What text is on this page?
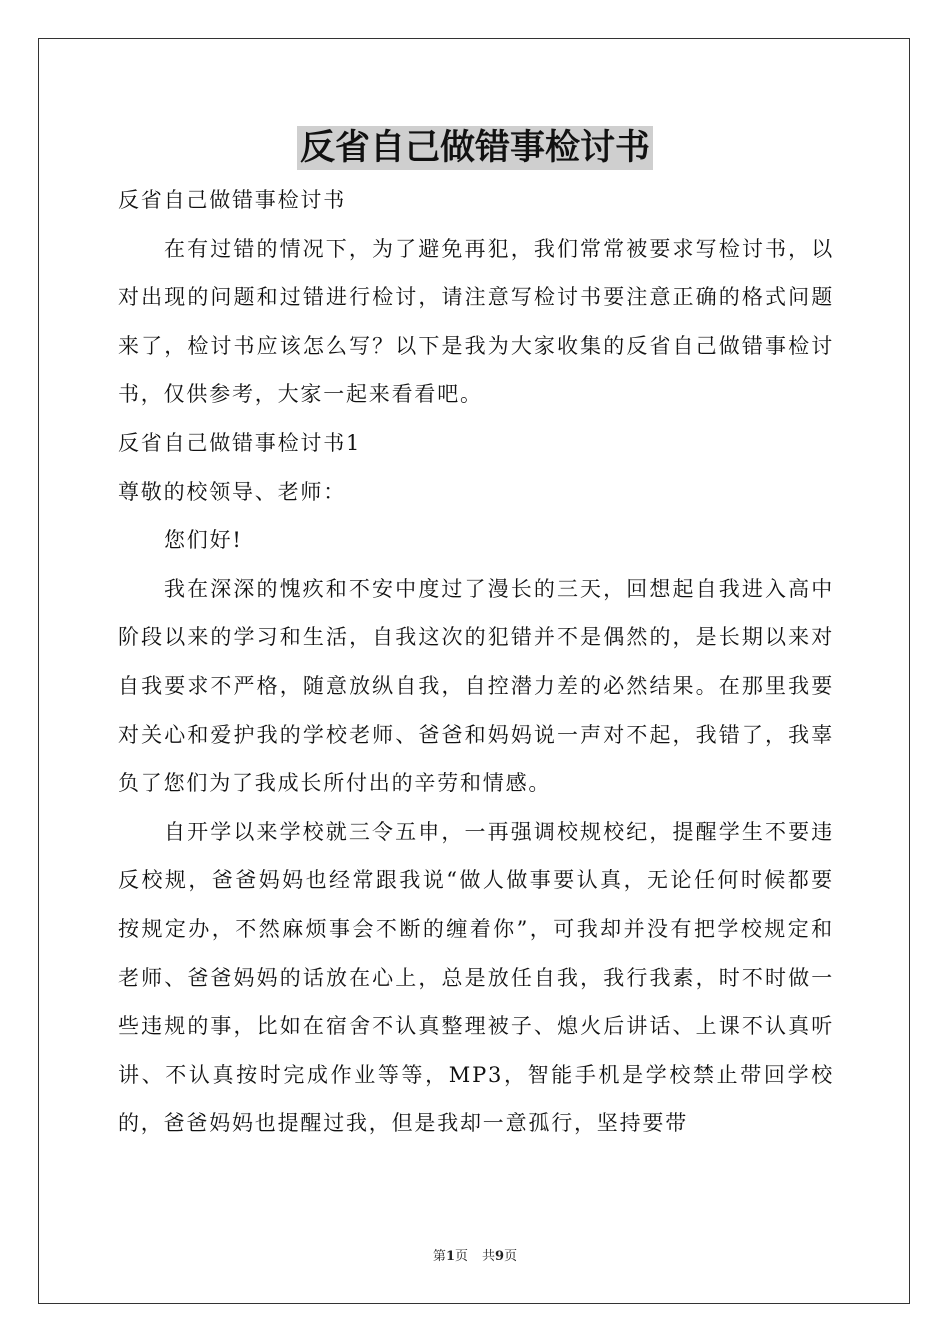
反省自己做错事检讨书

反省自己做错事检讨书

在有过错的情况下，为了避免再犯，我们常常被要求写检讨书，以对出现的问题和过错进行检讨，请注意写检讨书要注意正确的格式问题来了，检讨书应该怎么写？以下是我为大家收集的反省自己做错事检讨书，仅供参考，大家一起来看看吧。

反省自己做错事检讨书1

尊敬的校领导、老师：

您们好!

我在深深的愧疚和不安中度过了漫长的三天，回想起自我进入高中阶段以来的学习和生活，自我这次的犯错并不是偶然的，是长期以来对自我要求不严格，随意放纵自我，自控潜力差的必然结果。在那里我要对关心和爱护我的学校老师、爸爸和妈妈说一声对不起，我错了，我辜负了您们为了我成长所付出的辛劳和情感。

自开学以来学校就三令五申，一再强调校规校纪，提醒学生不要违反校规，爸爸妈妈也经常跟我说“做人做事要认真，无论任何时候都要按规定办，不然麻烦事会不断的缠着你”，可我却并没有把学校规定和老师、爸爸妈妈的话放在心上，总是放任自我，我行我素，时不时做一些违规的事，比如在宿舍不认真整理被子、熄火后讲话、上课不认真听讲、不认真按时完成作业等等，MP3，智能手机是学校禁止带回学校的，爸爸妈妈也提醒过我，但是我却一意孤行，坚持要带

第1页 共9页
